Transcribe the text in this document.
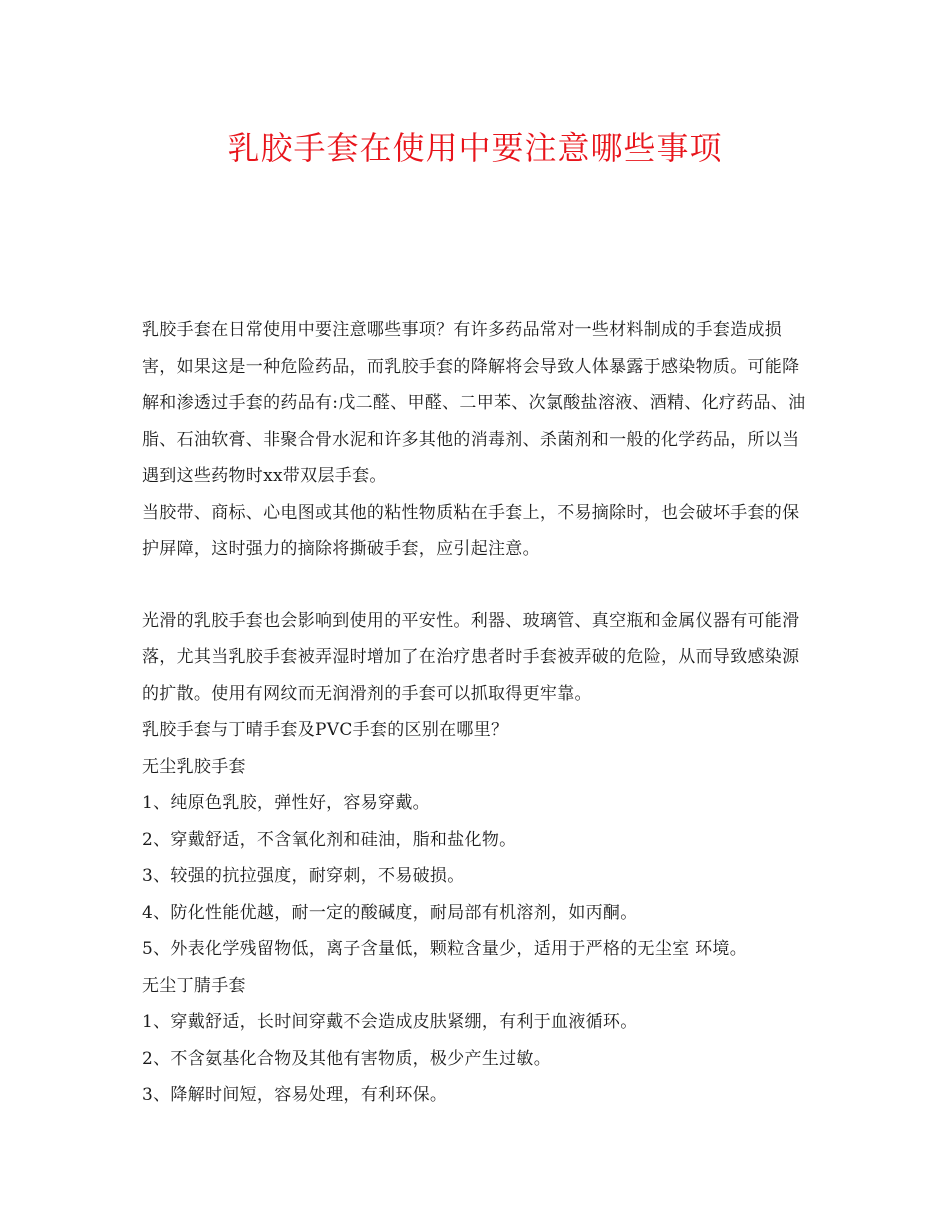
乳胶手套在使用中要注意哪些事项

乳胶手套在日常使用中要注意哪些事项？有许多药品常对一些材料制成的手套造成损害，如果这是一种危险药品，而乳胶手套的降解将会导致人体暴露于感染物质。可能降解和渗透过手套的药品有:戊二醛、甲醛、二甲苯、次氯酸盐溶液、酒精、化疗药品、油脂、石油软膏、非聚合骨水泥和许多其他的消毒剂、杀菌剂和一般的化学药品，所以当遇到这些药物时xx带双层手套。

当胶带、商标、心电图或其他的粘性物质粘在手套上，不易摘除时，也会破坏手套的保护屏障，这时强力的摘除将撕破手套，应引起注意。

光滑的乳胶手套也会影响到使用的平安性。利器、玻璃管、真空瓶和金属仪器有可能滑落，尤其当乳胶手套被弄湿时增加了在治疗患者时手套被弄破的危险，从而导致感染源的扩散。使用有网纹而无润滑剂的手套可以抓取得更牢靠。

乳胶手套与丁晴手套及PVC手套的区别在哪里？

无尘乳胶手套

1、纯原色乳胶，弹性好，容易穿戴。

2、穿戴舒适，不含氧化剂和硅油，脂和盐化物。

3、较强的抗拉强度，耐穿刺，不易破损。

4、防化性能优越，耐一定的酸碱度，耐局部有机溶剂，如丙酮。

5、外表化学残留物低，离子含量低，颗粒含量少，适用于严格的无尘室 环境。

无尘丁腈手套

1、穿戴舒适，长时间穿戴不会造成皮肤紧绷，有利于血液循环。

2、不含氨基化合物及其他有害物质，极少产生过敏。

3、降解时间短，容易处理，有利环保。
